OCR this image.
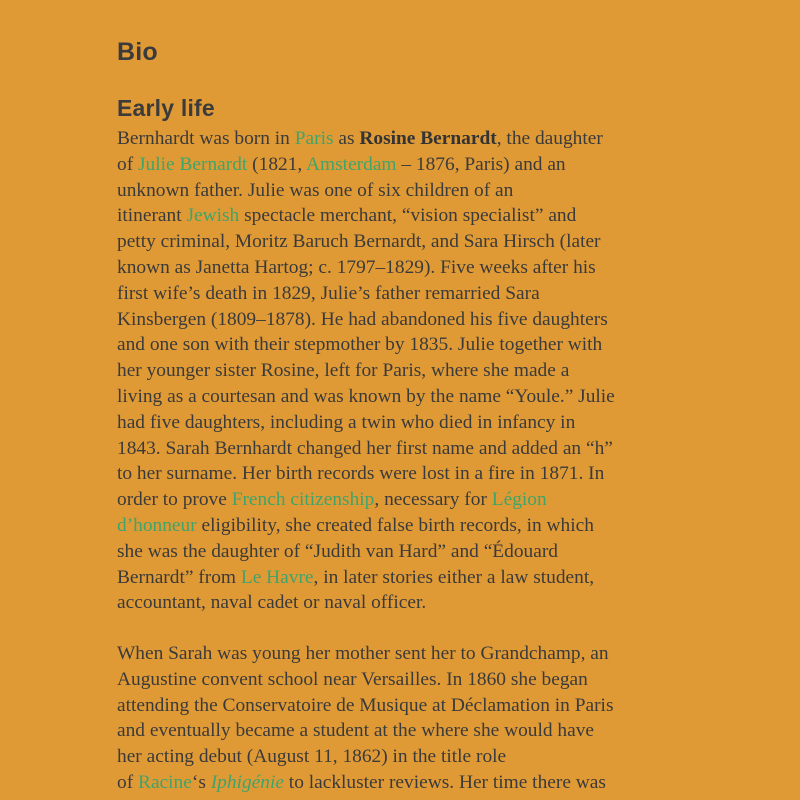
Bio
Early life

Bernhardt was born in Paris as Rosine Bernardt, the daughter
of Julie Bernardt (1821, Amsterdam – 1876, Paris) and an
unknown father. Julie was one of six children of an
itinerant Jewish spectacle merchant, “vision specialist” and
petty criminal, Moritz Baruch Bernardt, and Sara Hirsch (later
known as Janetta Hartog; c. 1797–1829). Five weeks after his
first wife’s death in 1829, Julie’s father remarried Sara
Kinsbergen (1809–1878). He had abandoned his five daughters
and one son with their stepmother by 1835. Julie together with
her younger sister Rosine, left for Paris, where she made a
living as a courtesan and was known by the name “Youle.” Julie
had five daughters, including a twin who died in infancy in
1843. Sarah Bernhardt changed her first name and added an “h”
to her surname. Her birth records were lost in a fire in 1871. In
order to prove French citizenship, necessary for Légion
d’honneur eligibility, she created false birth records, in which
she was the daughter of “Judith van Hard” and “Édouard
Bernardt” from Le Havre, in later stories either a law student,
accountant, naval cadet or naval officer.

When Sarah was young her mother sent her to Grandchamp, an
Augustine convent school near Versailles. In 1860 she began
attending the Conservatoire de Musique at Déclamation in Paris
and eventually became a student at the where she would have
her acting debut (August 11, 1862) in the title role
of Racine‘s Iphigénie to lackluster reviews. Her time there was
